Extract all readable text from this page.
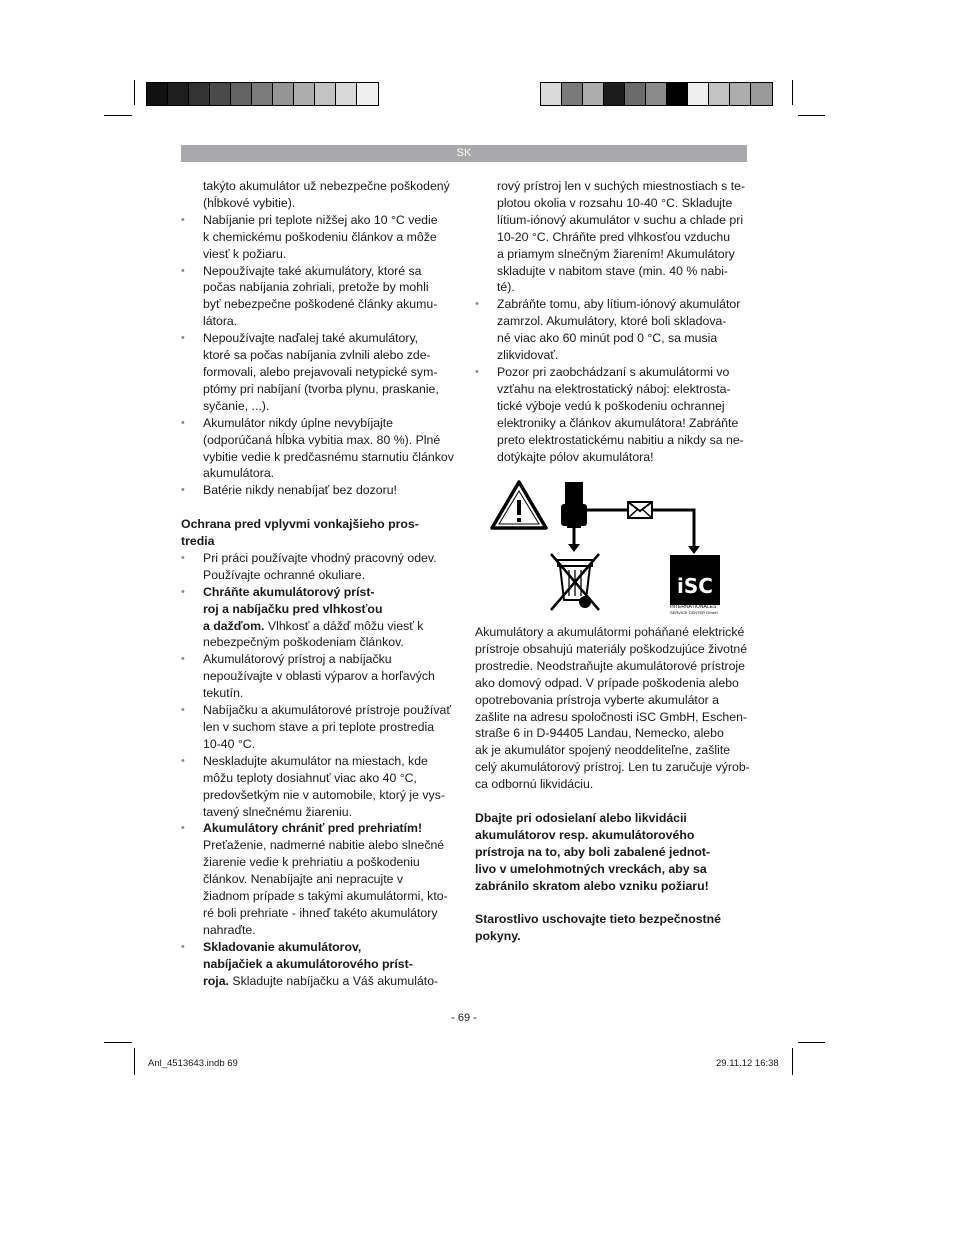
SK

takýto akumulátor už nebezpečne poškodený

(hĺbkové vybitie).

• Nabíjanie pri teplote nižšej ako 10 °C vedie

k chemickému poškodeniu článkov a môže

viesť k požiaru.

• Nepoužívajte také akumulátory, ktoré sa

počas nabíjania zohriali, pretože by mohli

byť nebezpečne poškodené články akumu-

látora.

• Nepoužívajte naďalej také akumulátory,

ktoré sa počas nabíjania zvlnili alebo zde-

formovali, alebo prejavovali netypické sym-

ptómy pri nabíjaní (tvorba plynu, praskanie,

syčanie, ...).

• Akumulátor nikdy úplne nevybíjajte

(odporúčaná hĺbka vybitia max. 80 %). Plné

vybitie vedie k predčasnému starnutiu článkov

akumulátora.

• Batérie nikdy nenabíjať bez dozoru!

Ochrana pred vplyvmi vonkajšieho pros-

tredia

• Pri práci používajte vhodný pracovný odev.

Používajte ochranné okuliare.

• Chráňte akumulátorový príst-

roj a nabíjačku pred vlhkosťou

a dažďom. Vlhkosť a dážď môžu viesť k

nebezpečným poškodeniam článkov.

• Akumulátorový prístroj a nabíjačku

nepoužívajte v oblasti výparov a horľavých

tekutín.

• Nabíjačku a akumulátorové prístroje používať

len v suchom stave a pri teplote prostredia

10-40 °C.

• Neskladujte akumulátor na miestach, kde

môžu teploty dosiahnuť viac ako 40 °C,

predovšetkým nie v automobile, ktorý je vys-

tavený slnečnému žiareniu.

• Akumulátory chrániť pred prehriatím!

Preťaženie, nadmerné nabitie alebo slnečné

žiarenie vedie k prehriatiu a poškodeniu

článkov. Nenabíjajte ani nepracujte v

žiadnom prípade s takými akumulátormi, kto-

ré boli prehriate - ihneď takéto akumulátory

nahraďte.

• Skladovanie akumulátorov,

nabíjačiek a akumulátorového príst-

roja. Skladujte nabíjačku a Váš akumuláto-

rový prístroj len v suchých miestnostiach s te-

plotou okolia v rozsahu 10-40 °C. Skladujte

lítium-iónový akumulátor v suchu a chlade pri

10-20 °C. Chráňte pred vlhkosťou vzduchu

a priamym slnečným žiarením! Akumulátory

skladujte v nabitom stave (min. 40 % nabi-

té).

• Zabráňte tomu, aby lítium-iónový akumulátor

zamrzol. Akumulátory, ktoré boli skladova-

né viac ako 60 minút pod 0 °C, sa musia

zlikvidovať.

• Pozor pri zaobchádzaní s akumulátormi vo

vzťahu na elektrostatický náboj: elektrosta-

tické výboje vedú k poškodeniu ochrannej

elektroniky a článkov akumulátora! Zabráňte

preto elektrostatickému nabitiu a nikdy sa ne-

dotýkajte pólov akumulátora!

iSC
INTERNATIONALES
SERVICE CENTER GmbH

Akumulátory a akumulátormi poháňané elektrické

prístroje obsahujú materiály poškodzujúce životné

prostredie. Neodstraňujte akumulátorové prístroje

ako domový odpad. V prípade poškodenia alebo

opotrebovania prístroja vyberte akumulátor a

zašlite na adresu spoločnosti iSC GmbH, Eschen-

straße 6 in D-94405 Landau, Nemecko, alebo

ak je akumulátor spojený neoddeliteľne, zašlite

celý akumulátorový prístroj. Len tu zaručuje výrob-

ca odbornú likvidáciu.

Dbajte pri odosielaní alebo likvidácii

akumulátorov resp. akumulátorového

prístroja na to, aby boli zabalené jednot-

livo v umelohmotných vreckách, aby sa

zabránilo skratom alebo vzniku požiaru!

Starostlivo uschovajte tieto bezpečnostné

pokyny.

- 69 -
Anl_4513643.indb 69	29.11.12 16:38
